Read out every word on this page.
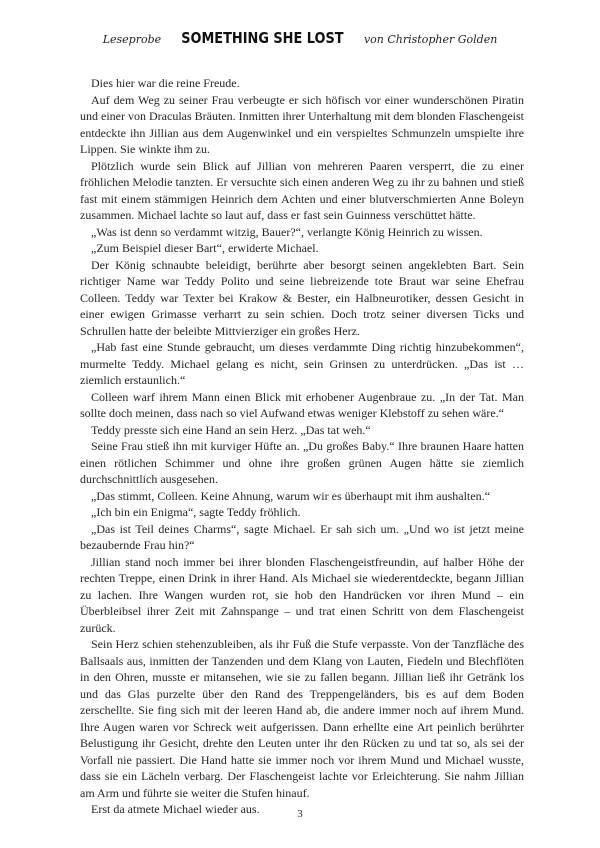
Leseprobe SOMETHING SHE LOST von Christopher Golden

Dies hier war die reine Freude.

Auf dem Weg zu seiner Frau verbeugte er sich höfisch vor einer wunderschönen Piratin und einer von Draculas Bräuten. Inmitten ihrer Unterhaltung mit dem blonden Flaschengeist entdeckte ihn Jillian aus dem Augenwinkel und ein verspieltes Schmunzeln umspielte ihre Lippen. Sie winkte ihm zu.

Plötzlich wurde sein Blick auf Jillian von mehreren Paaren versperrt, die zu einer fröhlichen Melodie tanzten. Er versuchte sich einen anderen Weg zu ihr zu bahnen und stieß fast mit einem stämmigen Heinrich dem Achten und einer blutverschmierten Anne Boleyn zusammen. Michael lachte so laut auf, dass er fast sein Guinness verschüttet hätte.

„Was ist denn so verdammt witzig, Bauer?“, verlangte König Heinrich zu wissen.

„Zum Beispiel dieser Bart“, erwiderte Michael.

Der König schnaubte beleidigt, berührte aber besorgt seinen angeklebten Bart. Sein richtiger Name war Teddy Polito und seine liebreizende tote Braut war seine Ehefrau Colleen. Teddy war Texter bei Krakow & Bester, ein Halbneurotiker, dessen Gesicht in einer ewigen Grimasse verharrt zu sein schien. Doch trotz seiner diversen Ticks und Schrullen hatte der beleibte Mittvierziger ein großes Herz.

„Hab fast eine Stunde gebraucht, um dieses verdammte Ding richtig hinzubekommen“, murmelte Teddy. Michael gelang es nicht, sein Grinsen zu unterdrücken. „Das ist … ziemlich erstaunlich.“

Colleen warf ihrem Mann einen Blick mit erhobener Augenbraue zu. „In der Tat. Man sollte doch meinen, dass nach so viel Aufwand etwas weniger Klebstoff zu sehen wäre.“

Teddy presste sich eine Hand an sein Herz. „Das tat weh.“

Seine Frau stieß ihn mit kurviger Hüfte an. „Du großes Baby.“ Ihre braunen Haare hatten einen rötlichen Schimmer und ohne ihre großen grünen Augen hätte sie ziemlich durchschnittlich ausgesehen.

„Das stimmt, Colleen. Keine Ahnung, warum wir es überhaupt mit ihm aushalten.“

„Ich bin ein Enigma“, sagte Teddy fröhlich.

„Das ist Teil deines Charms“, sagte Michael. Er sah sich um. „Und wo ist jetzt meine bezaubernde Frau hin?“

Jillian stand noch immer bei ihrer blonden Flaschengeistfreundin, auf halber Höhe der rechten Treppe, einen Drink in ihrer Hand. Als Michael sie wiederentdeckte, begann Jillian zu lachen. Ihre Wangen wurden rot, sie hob den Handrücken vor ihren Mund – ein Überbleibsel ihrer Zeit mit Zahnspange – und trat einen Schritt von dem Flaschengeist zurück.

Sein Herz schien stehenzubleiben, als ihr Fuß die Stufe verpasste. Von der Tanzfläche des Ballsaals aus, inmitten der Tanzenden und dem Klang von Lauten, Fiedeln und Blechflöten in den Ohren, musste er mitansehen, wie sie zu fallen begann. Jillian ließ ihr Getränk los und das Glas purzelte über den Rand des Treppengeländers, bis es auf dem Boden zerschellte. Sie fing sich mit der leeren Hand ab, die andere immer noch auf ihrem Mund. Ihre Augen waren vor Schreck weit aufgerissen. Dann erhellte eine Art peinlich berührter Belustigung ihr Gesicht, drehte den Leuten unter ihr den Rücken zu und tat so, als sei der Vorfall nie passiert. Die Hand hatte sie immer noch vor ihrem Mund und Michael wusste, dass sie ein Lächeln verbarg. Der Flaschengeist lachte vor Erleichterung. Sie nahm Jillian am Arm und führte sie weiter die Stufen hinauf.

Erst da atmete Michael wieder aus.	3
